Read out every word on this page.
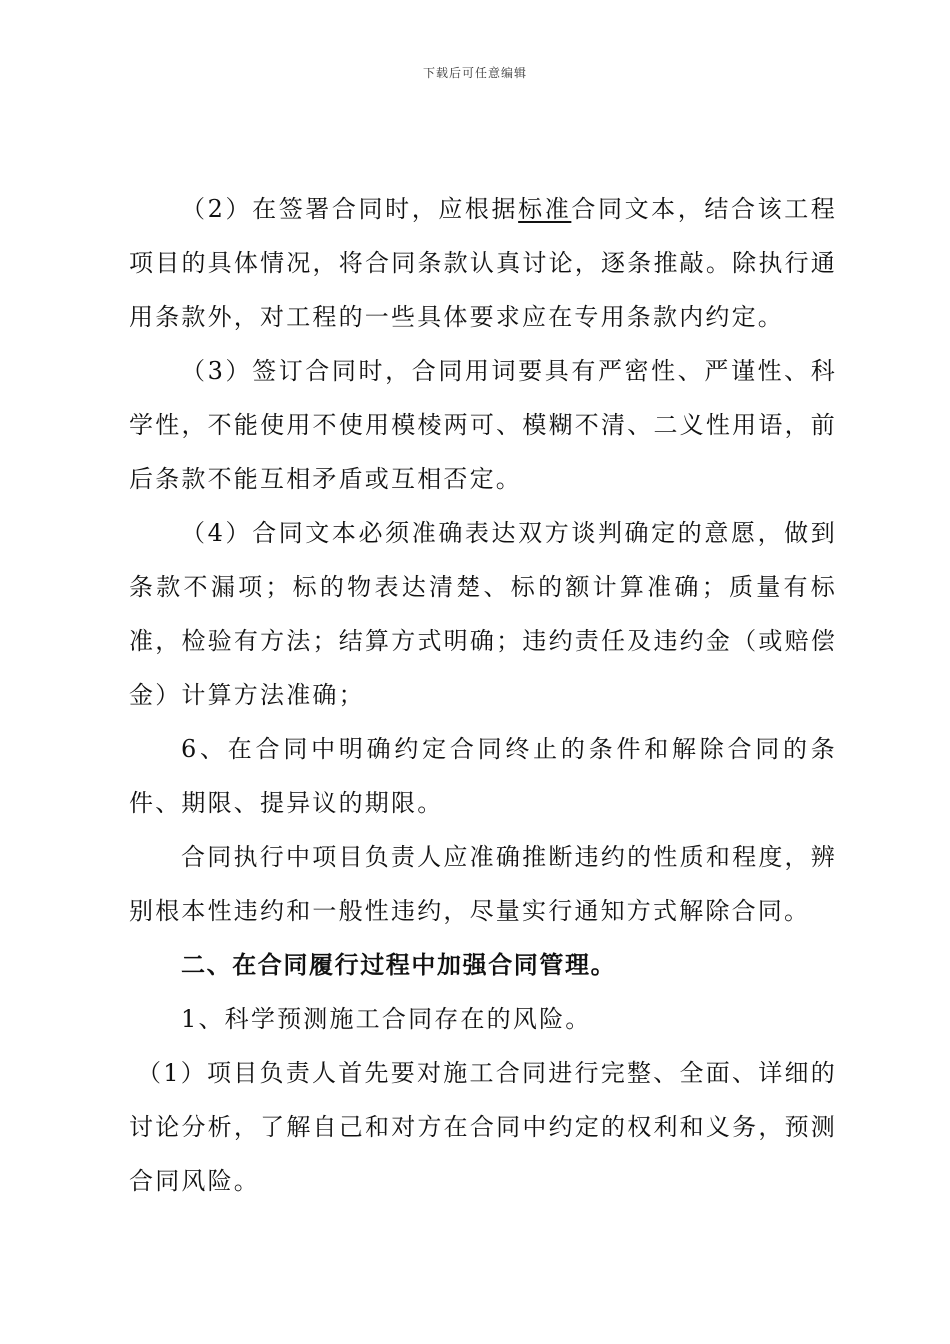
下载后可任意编辑

（2）在签署合同时，应根据标准合同文本，结合该工程项目的具体情况，将合同条款认真讨论，逐条推敲。除执行通用条款外，对工程的一些具体要求应在专用条款内约定。

（3）签订合同时，合同用词要具有严密性、严谨性、科学性，不能使用不使用模棱两可、模糊不清、二义性用语，前后条款不能互相矛盾或互相否定。

（4）合同文本必须准确表达双方谈判确定的意愿，做到条款不漏项；标的物表达清楚、标的额计算准确；质量有标准，检验有方法；结算方式明确；违约责任及违约金（或赔偿金）计算方法准确；

6、在合同中明确约定合同终止的条件和解除合同的条件、期限、提异议的期限。

合同执行中项目负责人应准确推断违约的性质和程度，辨别根本性违约和一般性违约，尽量实行通知方式解除合同。

二、在合同履行过程中加强合同管理。

1、科学预测施工合同存在的风险。

（1）项目负责人首先要对施工合同进行完整、全面、详细的讨论分析，了解自己和对方在合同中约定的权利和义务，预测合同风险。
